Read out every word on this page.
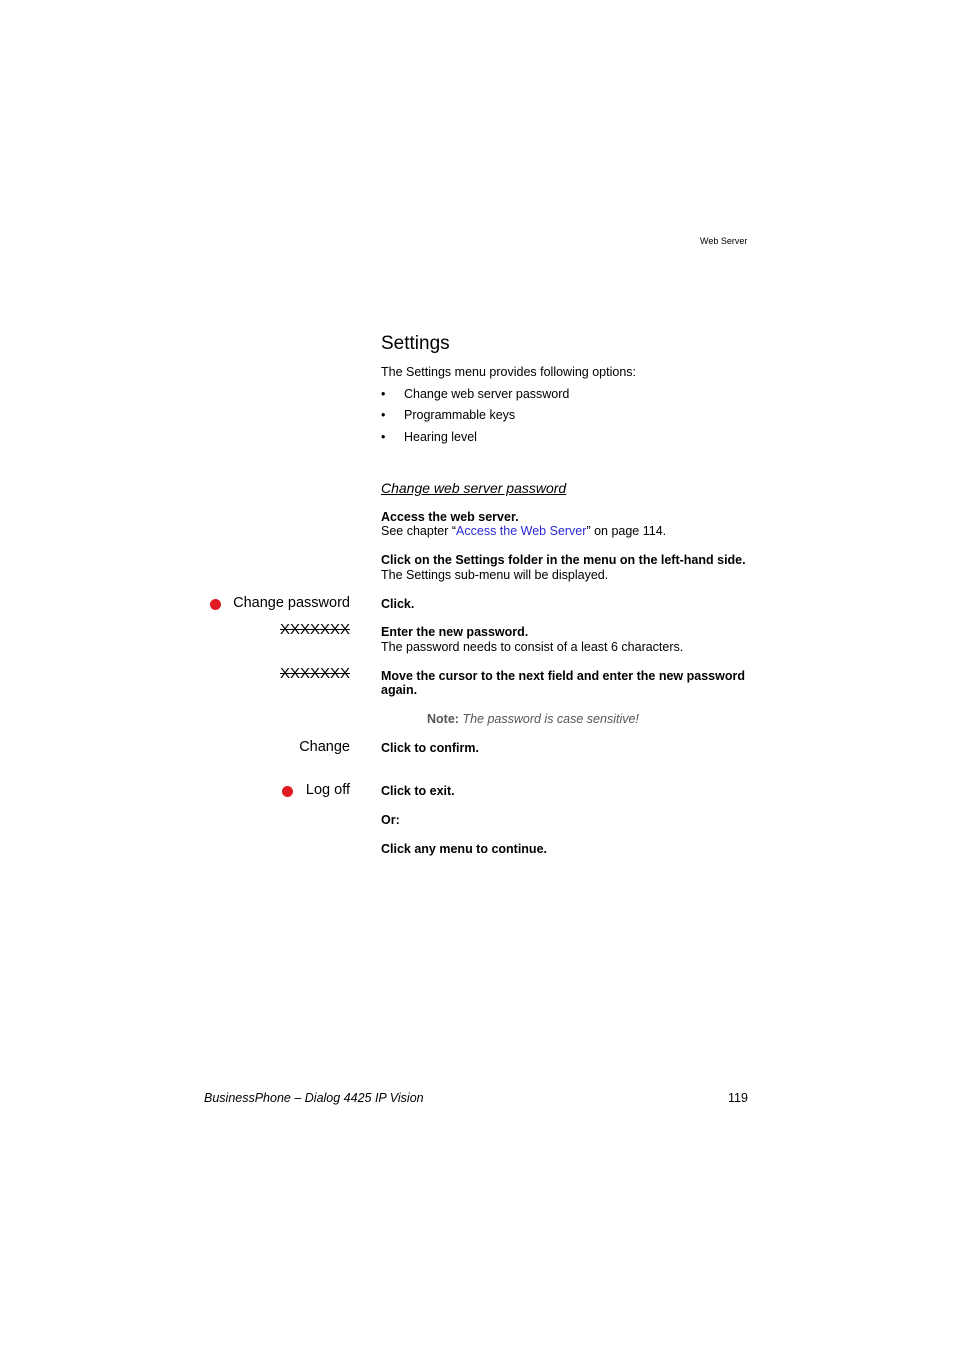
Web Server
Settings
The Settings menu provides following options:
• Change web server password
• Programmable keys
• Hearing level
Change web server password
Access the web server.
See chapter “Access the Web Server” on page 114.
Click on the Settings folder in the menu on the left-hand side.
The Settings sub-menu will be displayed.
Change password Click.
XXXXXXX Enter the new password.
The password needs to consist of a least 6 characters.
XXXXXXX Move the cursor to the next field and enter the new password
again.
Note: The password is case sensitive!
Change Click to confirm.
Log off Click to exit.
Or:
Click any menu to continue.
BusinessPhone – Dialog 4425 IP Vision	119
